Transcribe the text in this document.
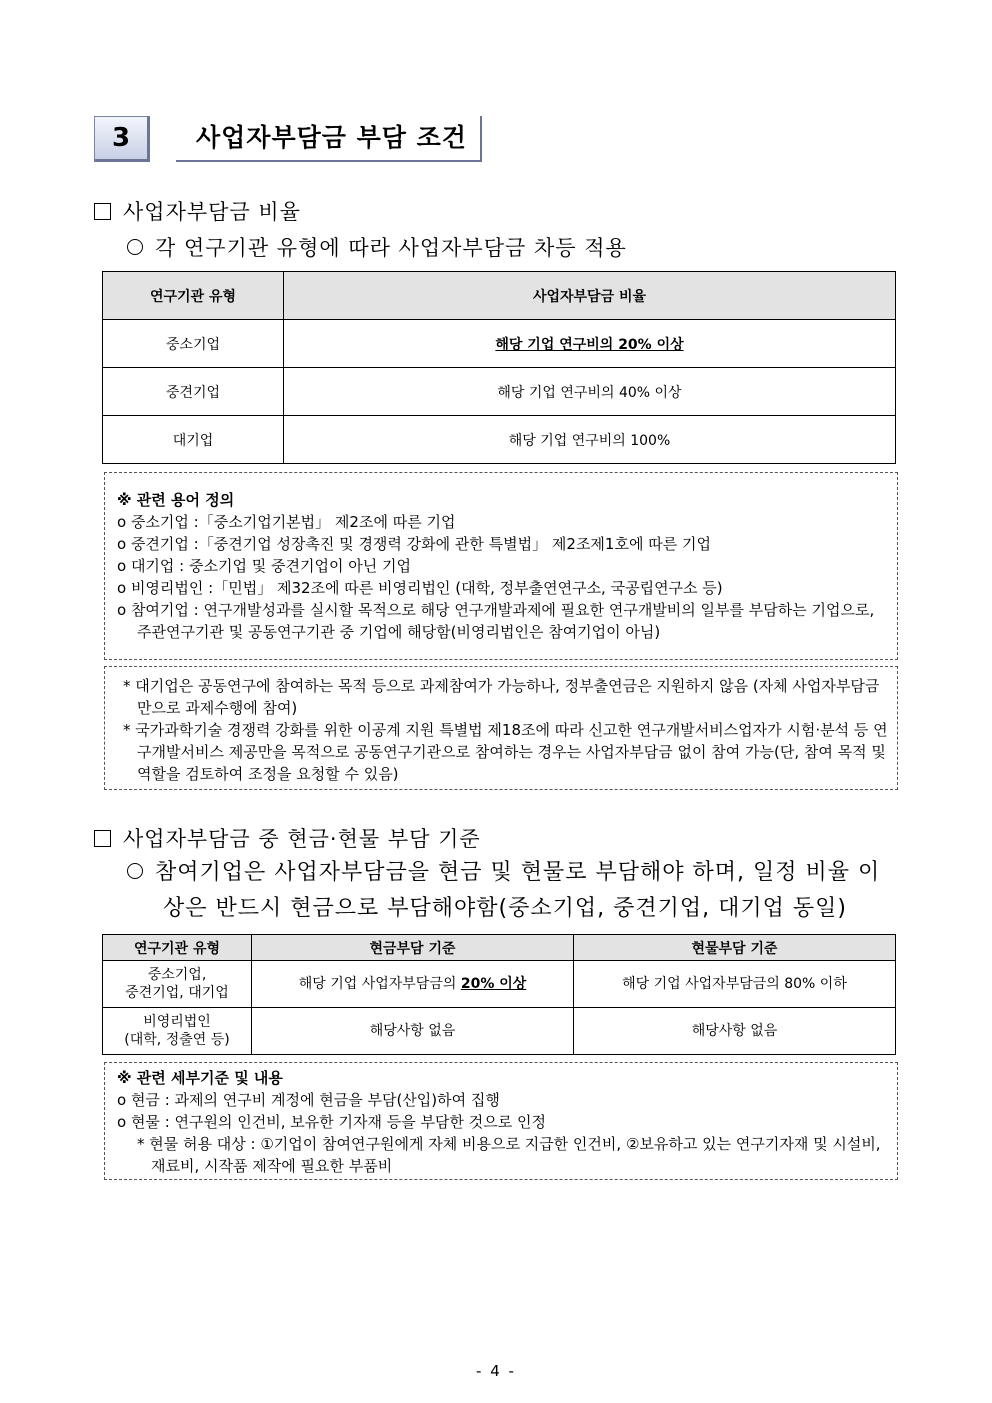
3	사업자부담금 부담 조건
사업자부담금 비율
각 연구기관 유형에 따라 사업자부담금 차등 적용
연구기관 유형	사업자부담금 비율
중소기업	해당 기업 연구비의 20% 이상
중견기업	해당 기업 연구비의 40% 이상
대기업	해당 기업 연구비의 100%
※ 관련 용어 정의
o 중소기업 :「중소기업기본법」 제2조에 따른 기업
o 중견기업 :「중견기업 성장촉진 및 경쟁력 강화에 관한 특별법」 제2조제1호에 따른 기업
o 대기업 : 중소기업 및 중견기업이 아닌 기업
o 비영리법인 :「민법」 제32조에 따른 비영리법인 (대학, 정부출연연구소, 국공립연구소 등)
o 참여기업 : 연구개발성과를 실시할 목적으로 해당 연구개발과제에 필요한 연구개발비의 일부를 부담하는 기업으로, 주관연구기관 및 공동연구기관 중 기업에 해당함(비영리법인은 참여기업이 아님)
* 대기업은 공동연구에 참여하는 목적 등으로 과제참여가 가능하나, 정부출연금은 지원하지 않음 (자체 사업자부담금 만으로 과제수행에 참여)
* 국가과학기술 경쟁력 강화를 위한 이공계 지원 특별법 제18조에 따라 신고한 연구개발서비스업자가 시험·분석 등 연구개발서비스 제공만을 목적으로 공동연구기관으로 참여하는 경우는 사업자부담금 없이 참여 가능(단, 참여 목적 및 역할을 검토하여 조정을 요청할 수 있음)
사업자부담금 중 현금·현물 부담 기준
참여기업은 사업자부담금을 현금 및 현물로 부담해야 하며, 일정 비율 이
상은 반드시 현금으로 부담해야함(중소기업, 중견기업, 대기업 동일)
연구기관 유형	현금부담 기준	현물부담 기준

중소기업,
중견기업, 대기업	해당 기업 사업자부담금의 20% 이상	해당 기업 사업자부담금의 80% 이하

비영리법인
(대학, 정출연 등)	해당사항 없음	해당사항 없음
※ 관련 세부기준 및 내용
o 현금 : 과제의 연구비 계정에 현금을 부담(산입)하여 집행
o 현물 : 연구원의 인건비, 보유한 기자재 등을 부담한 것으로 인정
* 현물 허용 대상 : ①기업이 참여연구원에게 자체 비용으로 지급한 인건비, ②보유하고 있는 연구기자재 및 시설비, 재료비, 시작품 제작에 필요한 부품비
- 4 -
